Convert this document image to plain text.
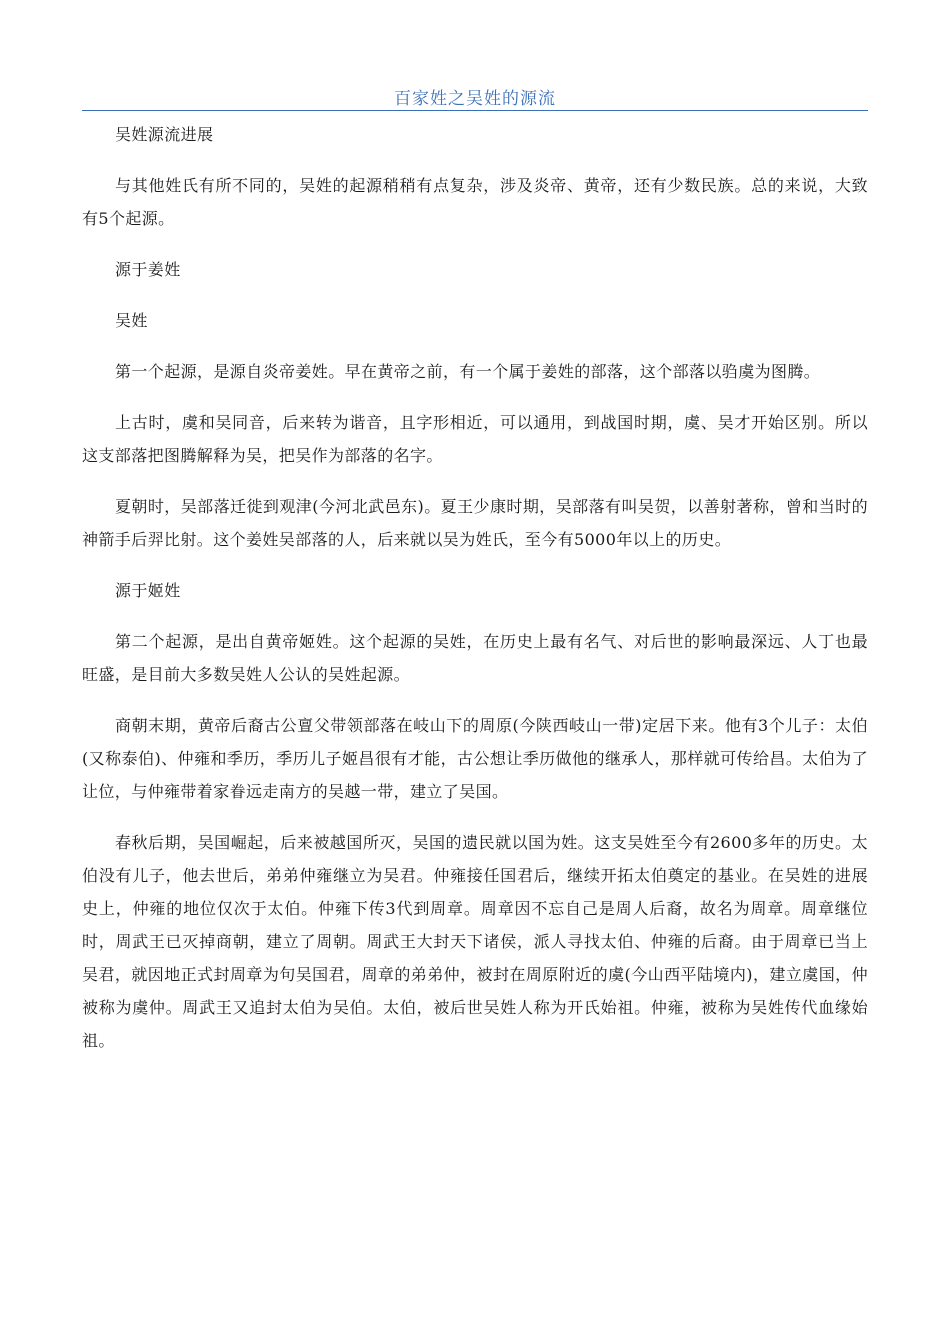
百家姓之吴姓的源流

吴姓源流进展

与其他姓氏有所不同的，吴姓的起源稍稍有点复杂，涉及炎帝、黄帝，还有少数民族。总的来说，大致有5个起源。

源于姜姓

吴姓

第一个起源，是源自炎帝姜姓。早在黄帝之前，有一个属于姜姓的部落，这个部落以驺虞为图腾。

上古时，虞和吴同音，后来转为谐音，且字形相近，可以通用，到战国时期，虞、吴才开始区别。所以这支部落把图腾解释为吴，把吴作为部落的名字。

夏朝时，吴部落迁徙到观津(今河北武邑东)。夏王少康时期，吴部落有叫吴贺，以善射著称，曾和当时的神箭手后羿比射。这个姜姓吴部落的人，后来就以吴为姓氏，至今有5000年以上的历史。

源于姬姓

第二个起源，是出自黄帝姬姓。这个起源的吴姓，在历史上最有名气、对后世的影响最深远、人丁也最旺盛，是目前大多数吴姓人公认的吴姓起源。

商朝末期，黄帝后裔古公亶父带领部落在岐山下的周原(今陕西岐山一带)定居下来。他有3个儿子：太伯(又称泰伯)、仲雍和季历，季历儿子姬昌很有才能，古公想让季历做他的继承人，那样就可传给昌。太伯为了让位，与仲雍带着家眷远走南方的吴越一带，建立了吴国。

春秋后期，吴国崛起，后来被越国所灭，吴国的遗民就以国为姓。这支吴姓至今有2600多年的历史。太伯没有儿子，他去世后，弟弟仲雍继立为吴君。仲雍接任国君后，继续开拓太伯奠定的基业。在吴姓的进展史上，仲雍的地位仅次于太伯。仲雍下传3代到周章。周章因不忘自己是周人后裔，故名为周章。周章继位时，周武王已灭掉商朝，建立了周朝。周武王大封天下诸侯，派人寻找太伯、仲雍的后裔。由于周章已当上吴君，就因地正式封周章为句吴国君，周章的弟弟仲，被封在周原附近的虞(今山西平陆境内)，建立虞国，仲被称为虞仲。周武王又追封太伯为吴伯。太伯，被后世吴姓人称为开氏始祖。仲雍，被称为吴姓传代血缘始祖。
